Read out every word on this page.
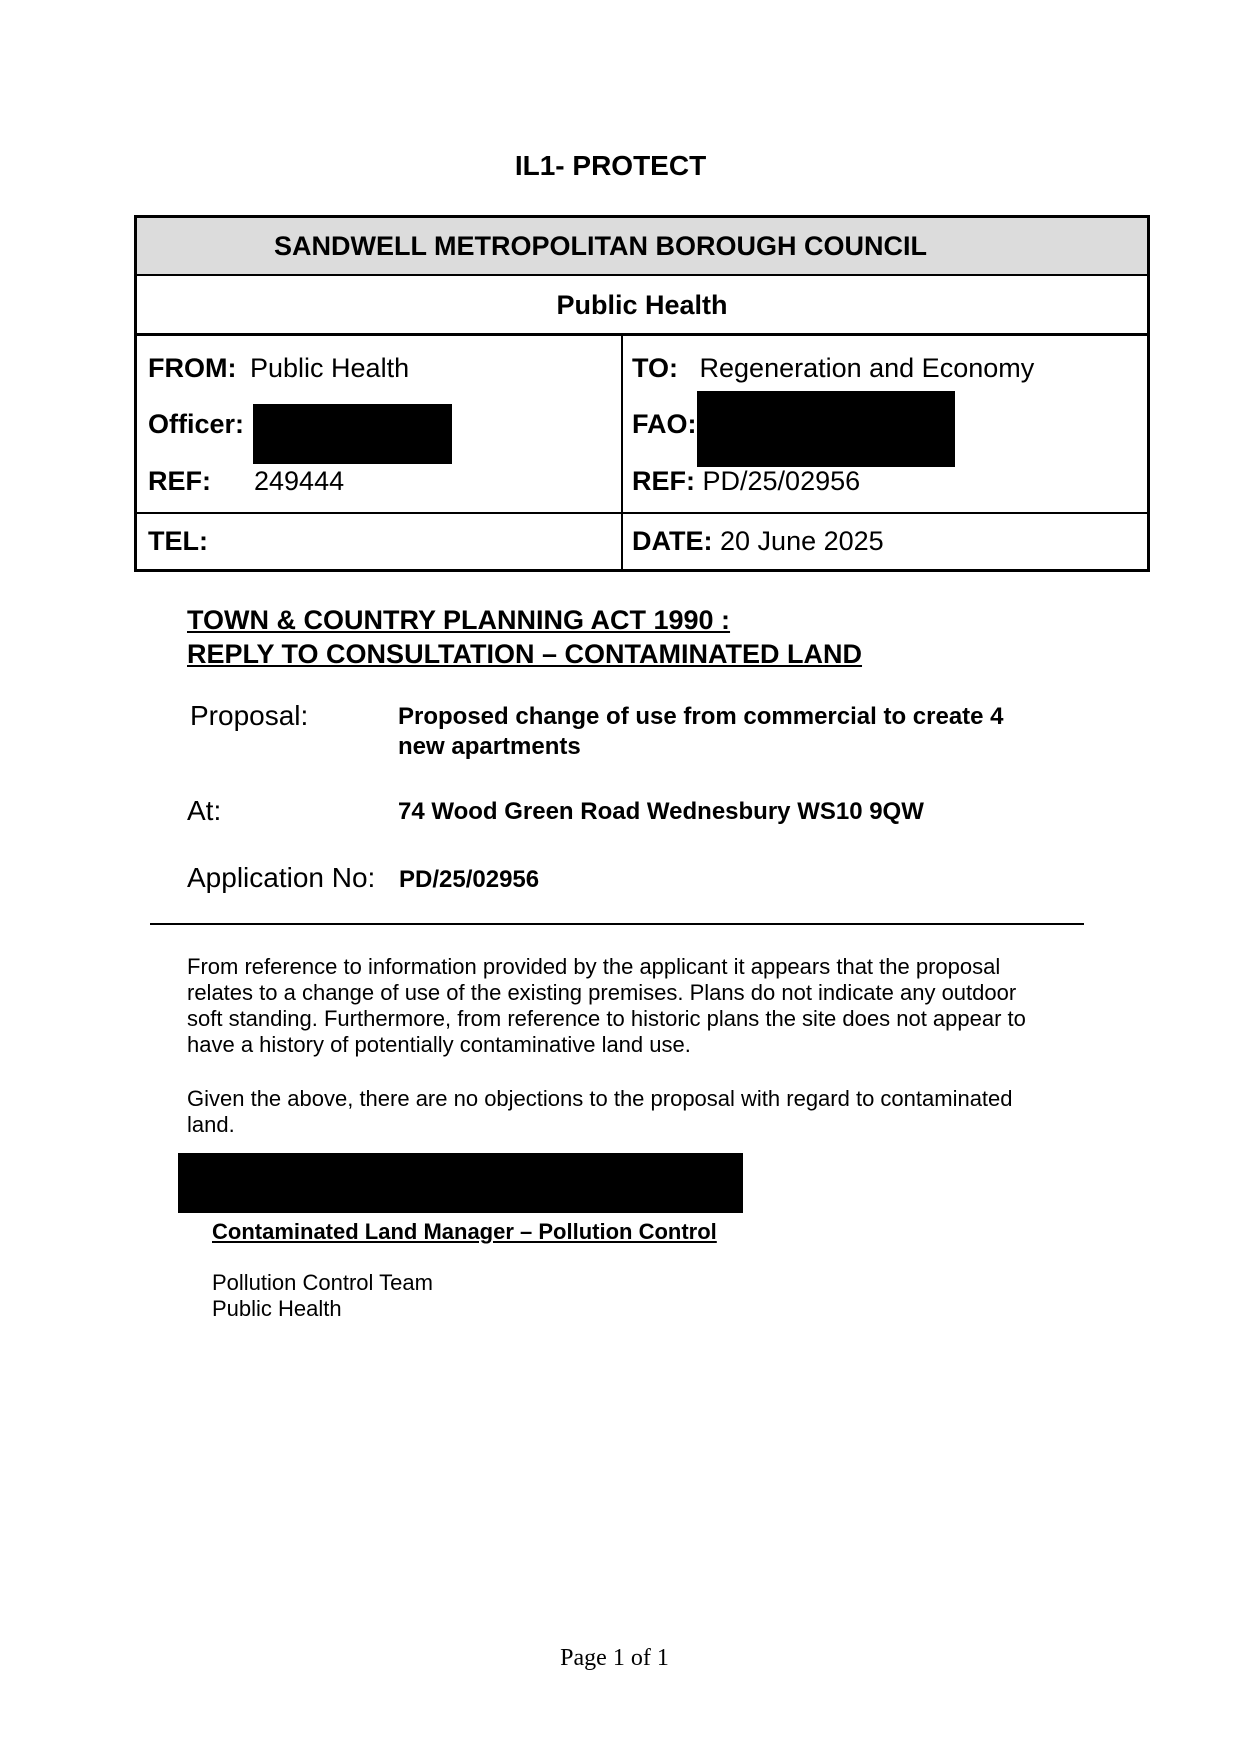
IL1- PROTECT
SANDWELL METROPOLITAN BOROUGH COUNCIL
Public Health
FROM: Public Health
Officer:
REF: 249444
TEL:
TO: Regeneration and Economy
FAO:
REF: PD/25/02956
DATE: 20 June 2025
TOWN & COUNTRY PLANNING ACT 1990 :
REPLY TO CONSULTATION – CONTAMINATED LAND
Proposal:	Proposed change of use from commercial to create 4 new apartments
At:	74 Wood Green Road Wednesbury WS10 9QW
Application No: PD/25/02956
From reference to information provided by the applicant it appears that the proposal relates to a change of use of the existing premises. Plans do not indicate any outdoor soft standing. Furthermore, from reference to historic plans the site does not appear to have a history of potentially contaminative land use.
Given the above, there are no objections to the proposal with regard to contaminated land.
Contaminated Land Manager – Pollution Control
Pollution Control Team
Public Health
Page 1 of 1
